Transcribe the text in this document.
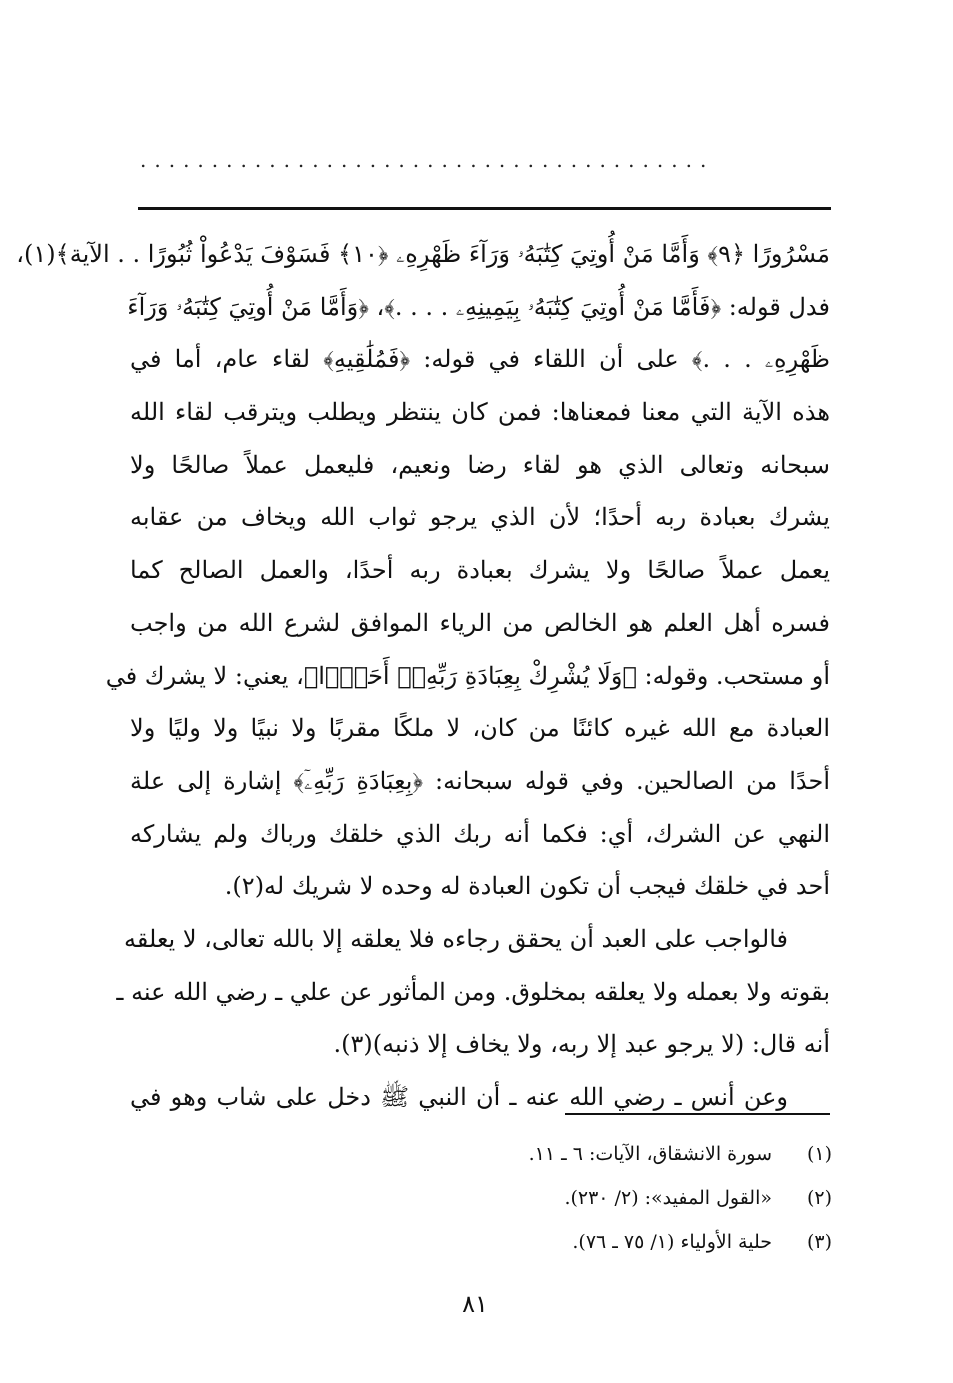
........................................
مَسْرُورًا ﴿٩﴾ وَأَمَّا مَنْ أُوتِيَ كِتَٰبَهُۥ وَرَآءَ ظَهْرِهِۦ ﴿١٠﴾ فَسَوْفَ يَدْعُواْ ثُبُورًا . . الآية﴾(١)،
فدل قوله: ﴿فَأَمَّا مَنْ أُوتِيَ كِتَٰبَهُۥ بِيَمِينِهِۦ . . . .﴾، ﴿وَأَمَّا مَنْ أُوتِيَ كِتَٰبَهُۥ وَرَآءَ
ظَهْرِهِۦ . . .﴾ على أن اللقاء في قوله: ﴿فَمُلَٰقِيهِ﴾ لقاء عام، أما في
هذه الآية التي معنا فمعناها: فمن كان ينتظر ويطلب ويترقب لقاء الله
سبحانه وتعالى الذي هو لقاء رضا ونعيم، فليعمل عملاً صالحًا ولا
يشرك بعبادة ربه أحدًا؛ لأن الذي يرجو ثواب الله ويخاف من عقابه
يعمل عملاً صالحًا ولا يشرك بعبادة ربه أحدًا، والعمل الصالح كما
فسره أهل العلم هو الخالص من الرياء الموافق لشرع الله من واجب
أو مستحب. وقوله: ﴿وَلَا يُشْرِكْ بِعِبَادَةِ رَبِّهِۦٓ أَحَدًۢا﴾، يعني: لا يشرك في
العبادة مع الله غيره كائنًا من كان، لا ملكًا مقربًا ولا نبيًا ولا وليًا ولا
أحدًا من الصالحين. وفي قوله سبحانه: ﴿بِعِبَادَةِ رَبِّهِۦٓ﴾ إشارة إلى علة
النهي عن الشرك، أي: فكما أنه ربك الذي خلقك ورباك ولم يشاركه
أحد في خلقك فيجب أن تكون العبادة له وحده لا شريك له(٢).
فالواجب على العبد أن يحقق رجاءه فلا يعلقه إلا بالله تعالى، لا يعلقه
بقوته ولا بعمله ولا يعلقه بمخلوق. ومن المأثور عن علي ـ رضي الله عنه ـ
أنه قال: (لا يرجو عبد إلا ربه، ولا يخاف إلا ذنبه)(٣).
وعن أنس ـ رضي الله عنه ـ أن النبي ﷺ دخل على شاب وهو في
(١)سورة الانشقاق، الآيات: ٦ ـ ١١.
(٢)«القول المفيد»: (٢/ ٢٣٠).
(٣)حلية الأولياء (١/ ٧٥ ـ ٧٦).
٨١
